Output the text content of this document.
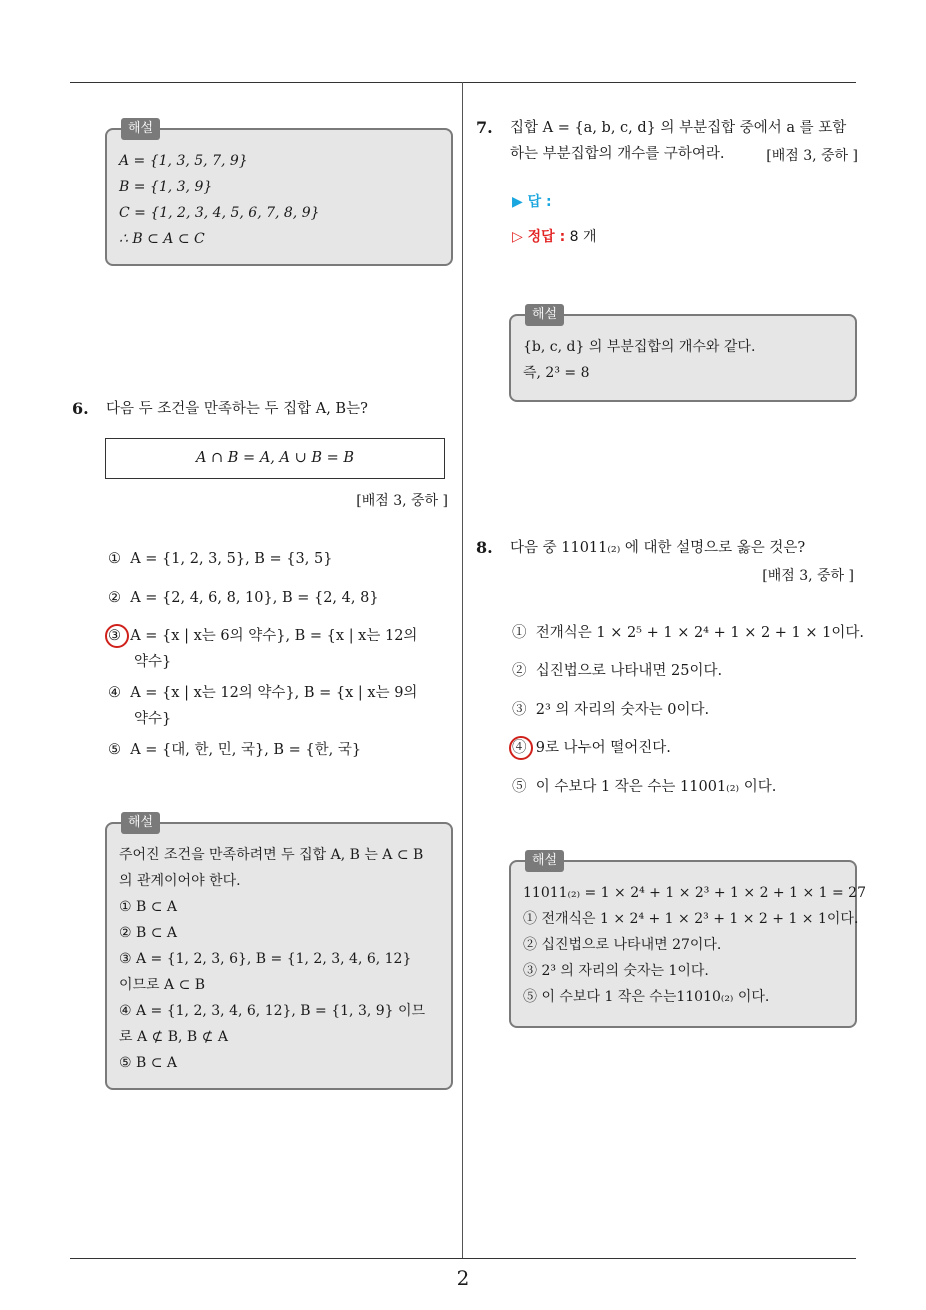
해설
A = {1, 3, 5, 7, 9}
B = {1, 3, 9}
C = {1, 2, 3, 4, 5, 6, 7, 8, 9}
∴ B ⊂ A ⊂ C
6. 다음 두 조건을 만족하는 두 집합 A, B는?
A ∩ B = A, A ∪ B = B
[배점 3, 중하 ]
① A = {1, 2, 3, 5}, B = {3, 5}
② A = {2, 4, 6, 8, 10}, B = {2, 4, 8}
③ A = {x | x는 6의 약수}, B = {x | x는 12의
약수}
④ A = {x | x는 12의 약수}, B = {x | x는 9의
약수}
⑤ A = {대, 한, 민, 국}, B = {한, 국}
해설
주어진 조건을 만족하려면 두 집합 A, B 는 A ⊂ B
의 관계이어야 한다.
① B ⊂ A
② B ⊂ A
③ A = {1, 2, 3, 6}, B = {1, 2, 3, 4, 6, 12}
이므로 A ⊂ B
④ A = {1, 2, 3, 4, 6, 12}, B = {1, 3, 9} 이므
로 A ⊄ B, B ⊄ A
⑤ B ⊂ A
7. 집합 A = {a, b, c, d} 의 부분집합 중에서 a 를 포함
하는 부분집합의 개수를 구하여라.	[배점 3, 중하 ]
▶ 답 :
▷ 정답 : 8 개
해설
{b, c, d} 의 부분집합의 개수와 같다.
즉, 2³ = 8
8. 다음 중 11011₍₂₎ 에 대한 설명으로 옳은 것은?
[배점 3, 중하 ]
① 전개식은 1 × 2⁵ + 1 × 2⁴ + 1 × 2 + 1 × 1이다.
② 십진법으로 나타내면 25이다.
③ 2³ 의 자리의 숫자는 0이다.
④ 9로 나누어 떨어진다.
⑤ 이 수보다 1 작은 수는 11001₍₂₎ 이다.
해설
11011₍₂₎ = 1 × 2⁴ + 1 × 2³ + 1 × 2 + 1 × 1 = 27
① 전개식은 1 × 2⁴ + 1 × 2³ + 1 × 2 + 1 × 1이다.
② 십진법으로 나타내면 27이다.
③ 2³ 의 자리의 숫자는 1이다.
⑤ 이 수보다 1 작은 수는11010₍₂₎ 이다.
2
